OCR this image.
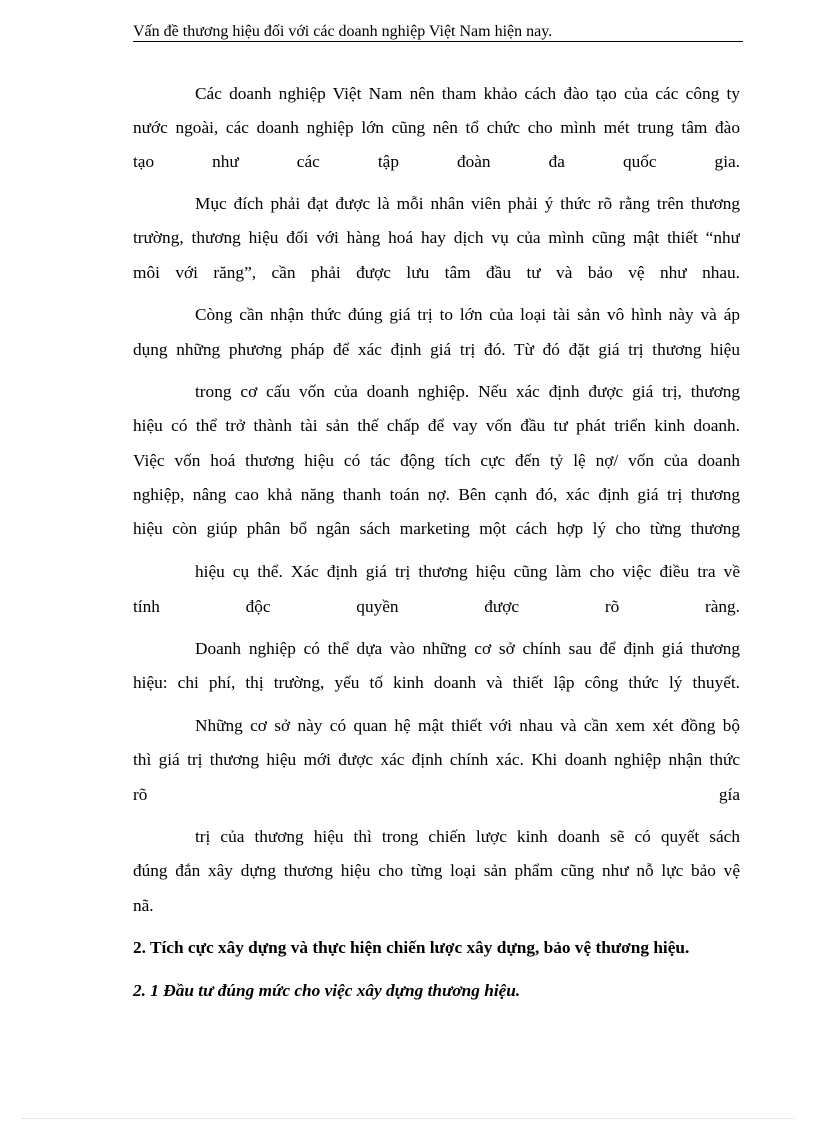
Vấn đề thương hiệu đối với các doanh nghiệp Việt Nam hiện nay.
Các doanh nghiệp Việt Nam nên tham khảo cách đào tạo của các công ty
nước ngoài, các doanh nghiệp lớn cũng nên tổ chức cho mình mét trung tâm đào
tạo như các tập đoàn đa quốc gia.
Mục đích phải đạt được là mỗi nhân viên phải ý thức rõ rằng trên thương
trường, thương hiệu đối với hàng hoá hay dịch vụ của mình cũng mật thiết “như
môi với răng”, cần phải được lưu tâm đầu tư và bảo vệ như nhau.
Còng cần nhận thức đúng giá trị to lớn của loại tài sản vô hình này và áp
dụng những phương pháp để xác định giá trị đó. Từ đó đặt giá trị thương hiệu
trong cơ cấu vốn của doanh nghiệp. Nếu xác định được giá trị, thương
hiệu có thể trở thành tài sản thế chấp để vay vốn đầu tư phát triển kinh doanh.
Việc vốn hoá thương hiệu có tác động tích cực đến tỷ lệ nợ/ vốn của doanh
nghiệp, nâng cao khả năng thanh toán nợ. Bên cạnh đó, xác định giá trị thương
hiệu còn giúp phân bổ ngân sách marketing một cách hợp lý cho từng thương
hiệu cụ thể. Xác định giá trị thương hiệu cũng làm cho việc điều tra về
tính độc quyền được rõ ràng.
Doanh nghiệp có thể dựa vào những cơ sở chính sau để định giá thương
hiệu: chi phí, thị trường, yếu tố kinh doanh và thiết lập công thức lý thuyết.
Những cơ sở này có quan hệ mật thiết với nhau và cần xem xét đồng bộ
thì giá trị thương hiệu mới được xác định chính xác. Khi doanh nghiệp nhận thức
rõ gía
trị của thương hiệu thì trong chiến lược kinh doanh sẽ có quyết sách
đúng đắn xây dựng thương hiệu cho từng loại sản phẩm cũng như nỗ lực bảo vệ
nã.
2. Tích cực xây dựng và thực hiện chiến lược xây dựng, bảo vệ thương hiệu.
2. 1 Đầu tư đúng mức cho việc xây dựng thương hiệu.
